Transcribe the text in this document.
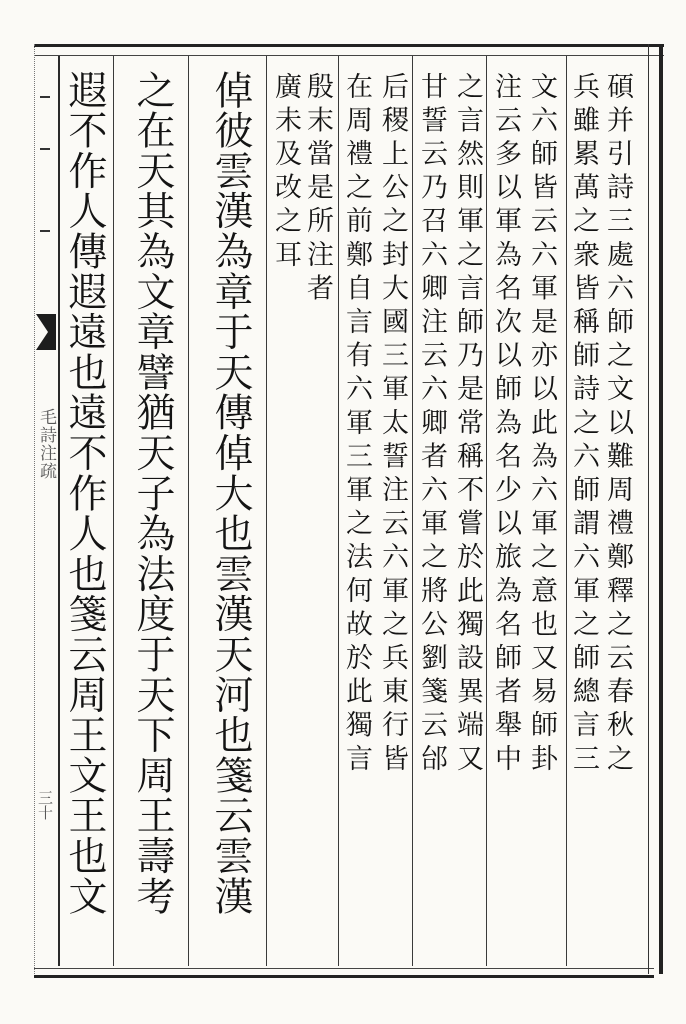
毛詩注疏
三十
碩并引詩三處六師之文以難周禮鄭釋之云春秋之
兵雖累萬之衆皆稱師詩之六師謂六軍之師總言三
文六師皆云六軍是亦以此為六軍之意也又易師卦
注云多以軍為名次以師為名少以旅為名師者舉中
之言然則軍之言師乃是常稱不嘗於此獨設異端又
甘誓云乃召六卿注云六卿者六軍之將公劉箋云邰
后稷上公之封大國三軍太誓注云六軍之兵東行皆
在周禮之前鄭自言有六軍三軍之法何故於此獨言
殷末當是所注者
廣未及改之耳
倬彼雲漢為章于天傳倬大也雲漢天河也箋云雲漢
之在天其為文章譬猶天子為法度于天下周王壽考
遐不作人傳遐遠也遠不作人也箋云周王文王也文
